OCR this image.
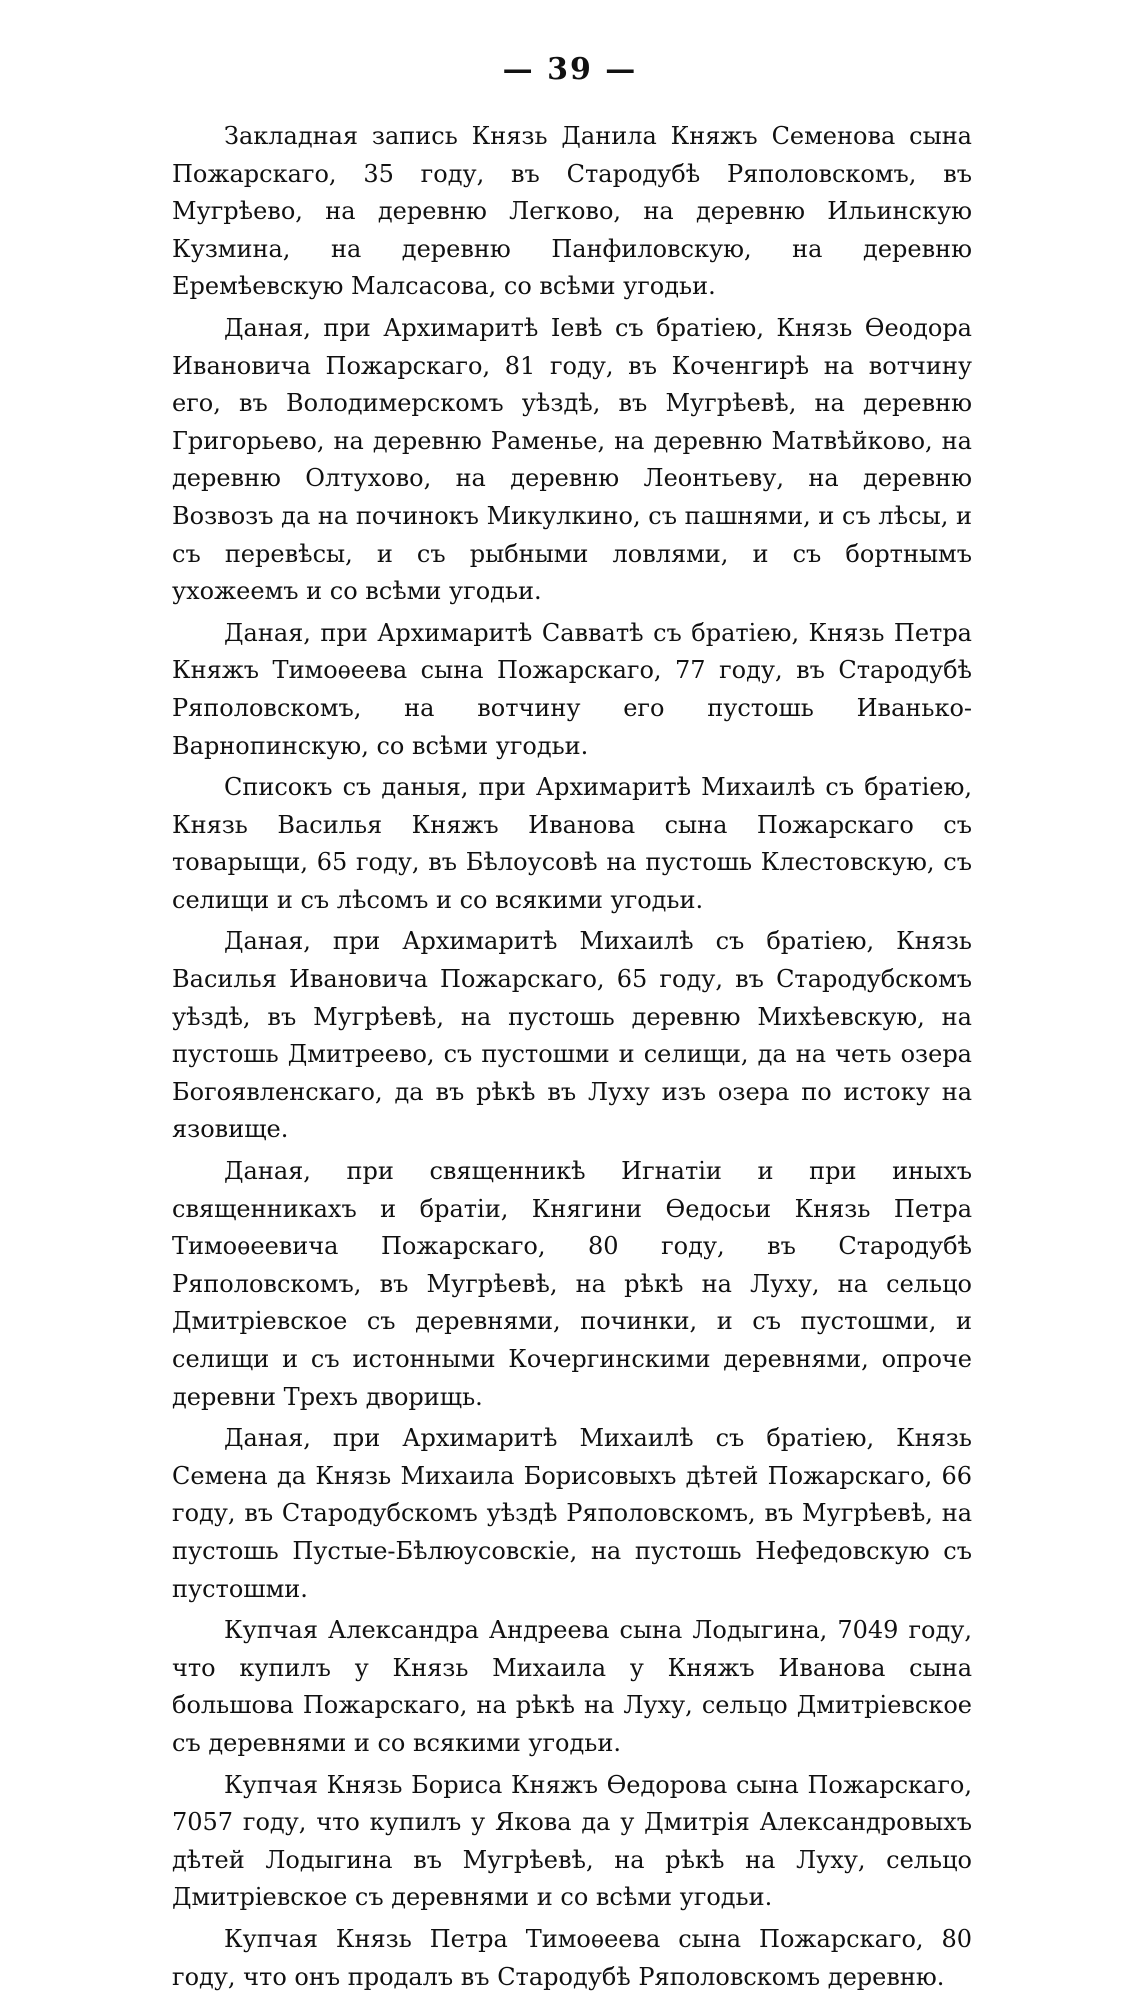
— 39 —

Закладная запись Князь Данила Княжъ Семенова сына Пожарскаго, 35 году, въ Стародубѣ Ряполовскомъ, въ Мугрѣево, на деревню Легково, на деревню Ильинскую Кузмина, на деревню Панфиловскую, на деревню Еремѣевскую Малсасова, со всѣми угодьи.

Даная, при Архимаритѣ Іевѣ съ братіею, Князь Ѳеодора Ивановича Пожарскаго, 81 году, въ Коченгирѣ на вотчину его, въ Володимерскомъ уѣздѣ, въ Мугрѣевѣ, на деревню Григорьево, на деревню Раменье, на деревню Матвѣйково, на деревню Олтухово, на деревню Леонтьеву, на деревню Возвозъ да на починокъ Микулкино, съ пашнями, и съ лѣсы, и съ перевѣсы, и съ рыбными ловлями, и съ бортнымъ ухожеемъ и со всѣми угодьи.

Даная, при Архимаритѣ Савватѣ съ братіею, Князь Петра Княжъ Тимоѳеева сына Пожарскаго, 77 году, въ Стародубѣ Ряполовскомъ, на вотчину его пустошь Иванько-Варнопинскую, со всѣми угодьи.

Списокъ съ даныя, при Архимаритѣ Михаилѣ съ братіею, Князь Василья Княжъ Иванова сына Пожарскаго съ товарыщи, 65 году, въ Бѣлоусовѣ на пустошь Клестовскую, съ селищи и съ лѣсомъ и со всякими угодьи.

Даная, при Архимаритѣ Михаилѣ съ братіею, Князь Василья Ивановича Пожарскаго, 65 году, въ Стародубскомъ уѣздѣ, въ Мугрѣевѣ, на пустошь деревню Михѣевскую, на пустошь Дмитреево, съ пустошми и селищи, да на четь озера Богоявленскаго, да въ рѣкѣ въ Луху изъ озера по истоку на язовище.

Даная, при священникѣ Игнатіи и при иныхъ священникахъ и братіи, Княгини Ѳедосьи Князь Петра Тимоѳеевича Пожарскаго, 80 году, въ Стародубѣ Ряполовскомъ, въ Мугрѣевѣ, на рѣкѣ на Луху, на сельцо Дмитріевское съ деревнями, починки, и съ пустошми, и селищи и съ истонными Кочергинскими деревнями, опроче деревни Трехъ дворищь.

Даная, при Архимаритѣ Михаилѣ съ братіею, Князь Семена да Князь Михаила Борисовыхъ дѣтей Пожарскаго, 66 году, въ Стародубскомъ уѣздѣ Ряполовскомъ, въ Мугрѣевѣ, на пустошь Пустые-Бѣлюусовскіе, на пустошь Нефедовскую съ пустошми.

Купчая Александра Андреева сына Лодыгина, 7049 году, что купилъ у Князь Михаила у Княжъ Иванова сына большова Пожарскаго, на рѣкѣ на Луху, сельцо Дмитріевское съ деревнями и со всякими угодьи.

Купчая Князь Бориса Княжъ Ѳедорова сына Пожарскаго, 7057 году, что купилъ у Якова да у Дмитрія Александровыхъ дѣтей Лодыгина въ Мугрѣевѣ, на рѣкѣ на Луху, сельцо Дмитріевское съ деревнями и со всѣми угодьи.

Купчая Князь Петра Тимоѳеева сына Пожарскаго, 80 году, что онъ продалъ въ Стародубѣ Ряполовскомъ деревню.
